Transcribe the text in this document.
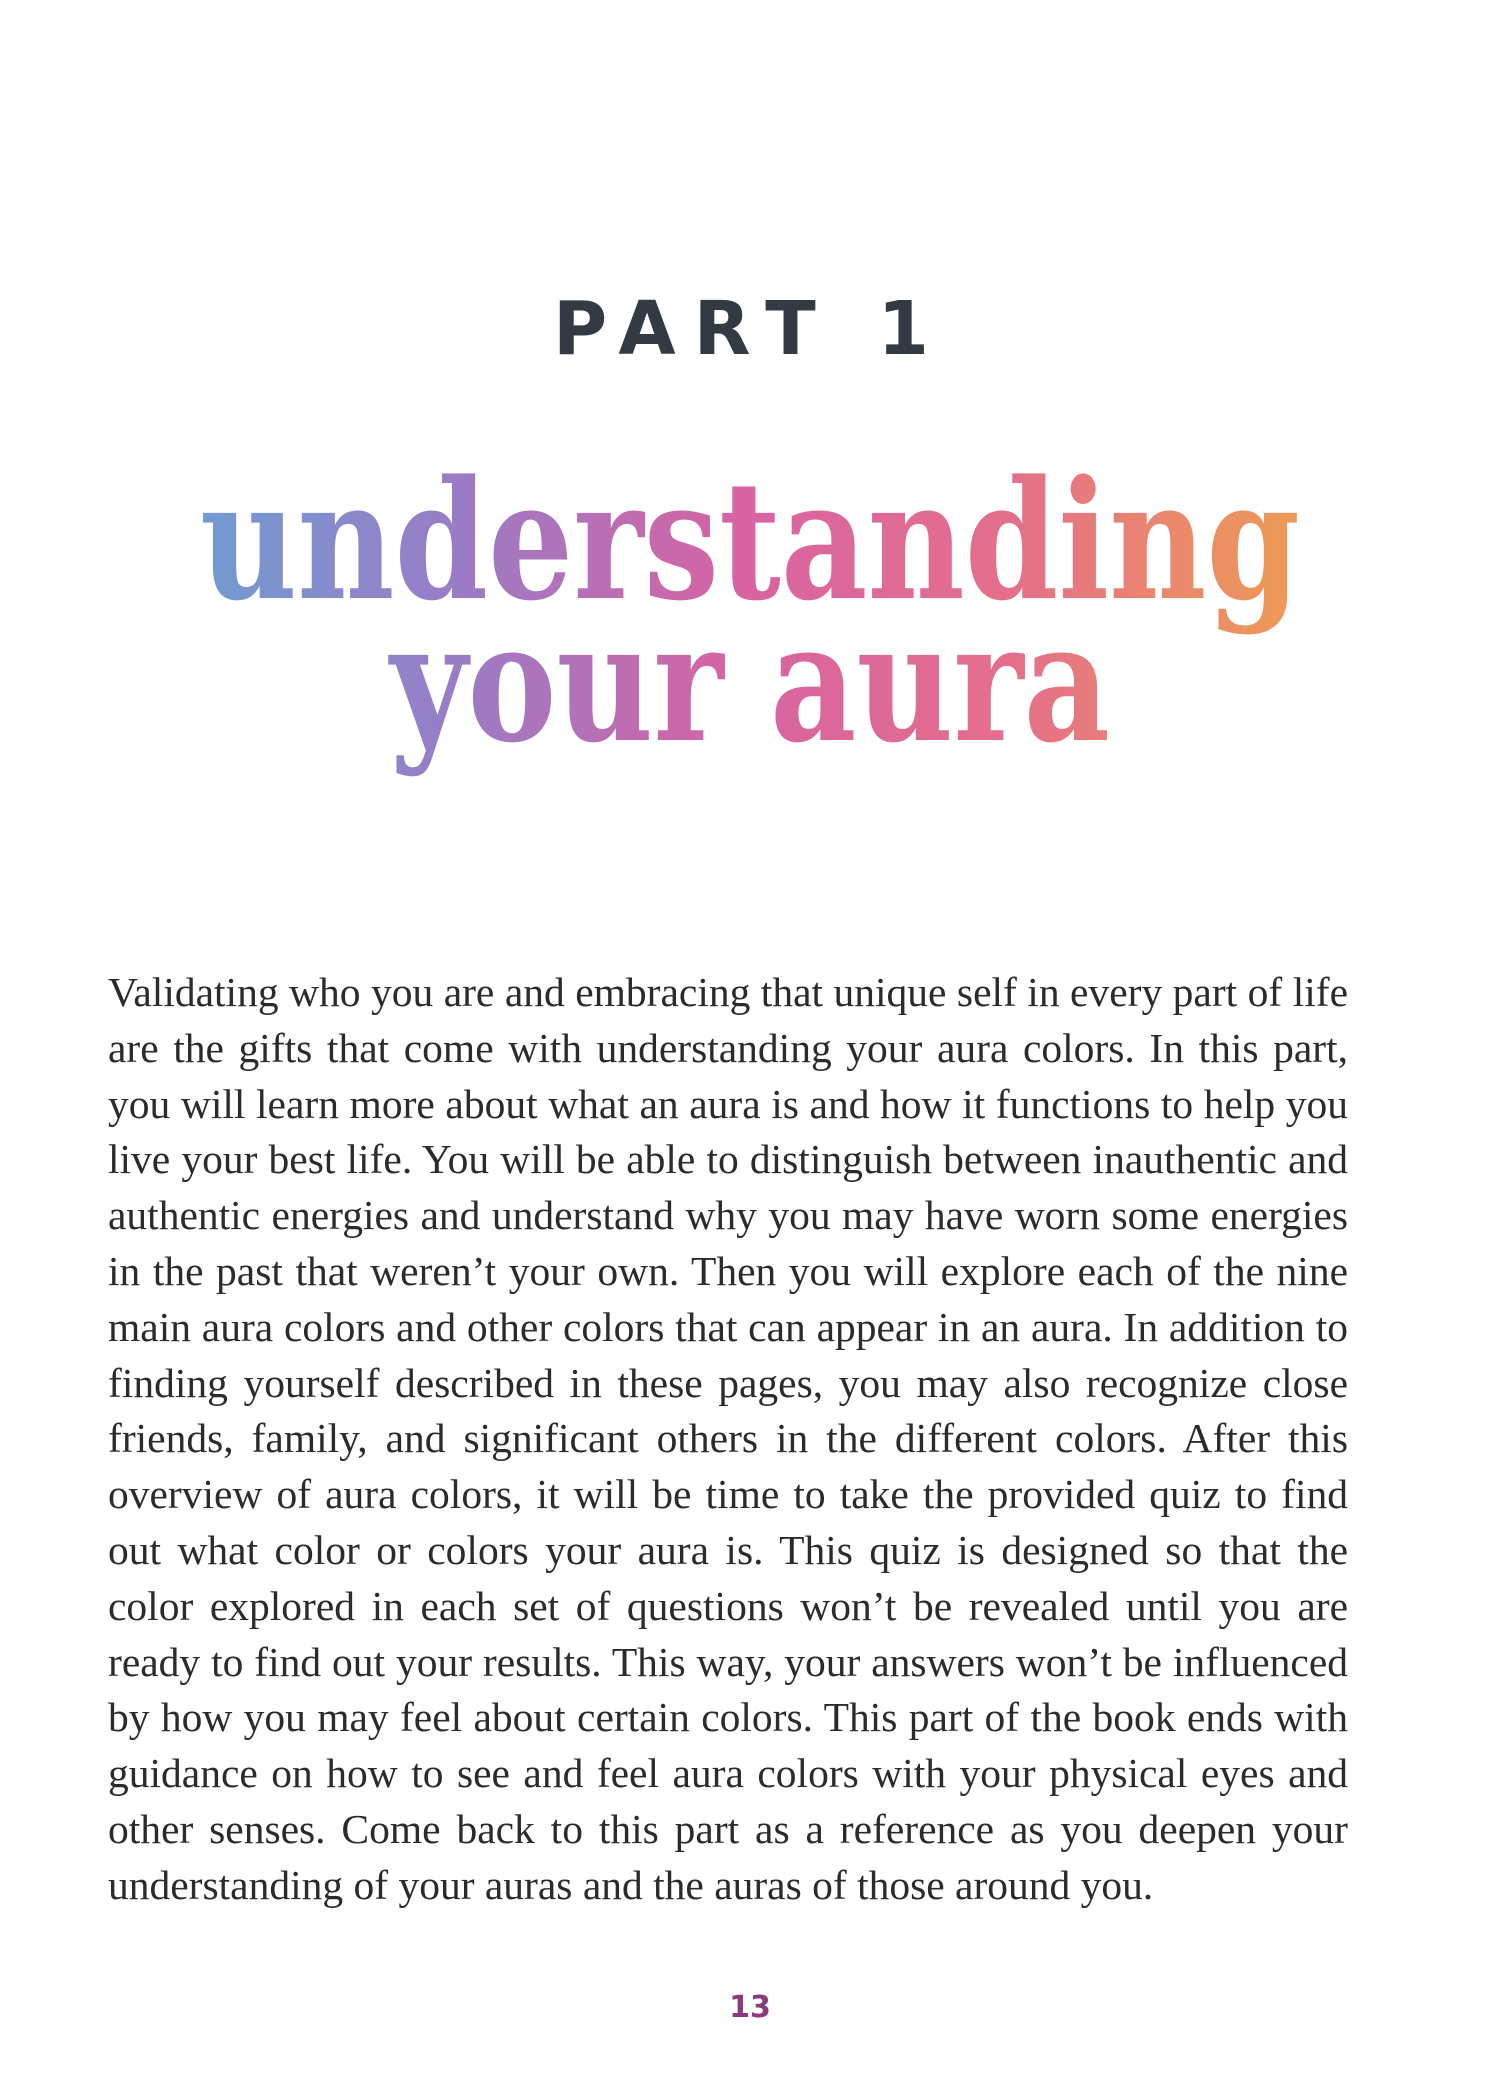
PART 1
understanding
your aura

Validating who you are and embracing that unique self in every part of life are the gifts that come with understanding your aura colors. In this part, you will learn more about what an aura is and how it functions to help you live your best life. You will be able to distinguish between inauthentic and authentic energies and understand why you may have worn some energies in the past that weren’t your own. Then you will explore each of the nine main aura colors and other colors that can appear in an aura. In addition to finding yourself described in these pages, you may also recognize close friends, family, and significant others in the different colors. After this overview of aura colors, it will be time to take the provided quiz to find out what color or colors your aura is. This quiz is designed so that the color explored in each set of questions won’t be revealed until you are ready to find out your results. This way, your answers won’t be influenced by how you may feel about certain colors. This part of the book ends with guidance on how to see and feel aura colors with your physical eyes and other senses. Come back to this part as a reference as you deepen your understanding of your auras and the auras of those around you.

13
